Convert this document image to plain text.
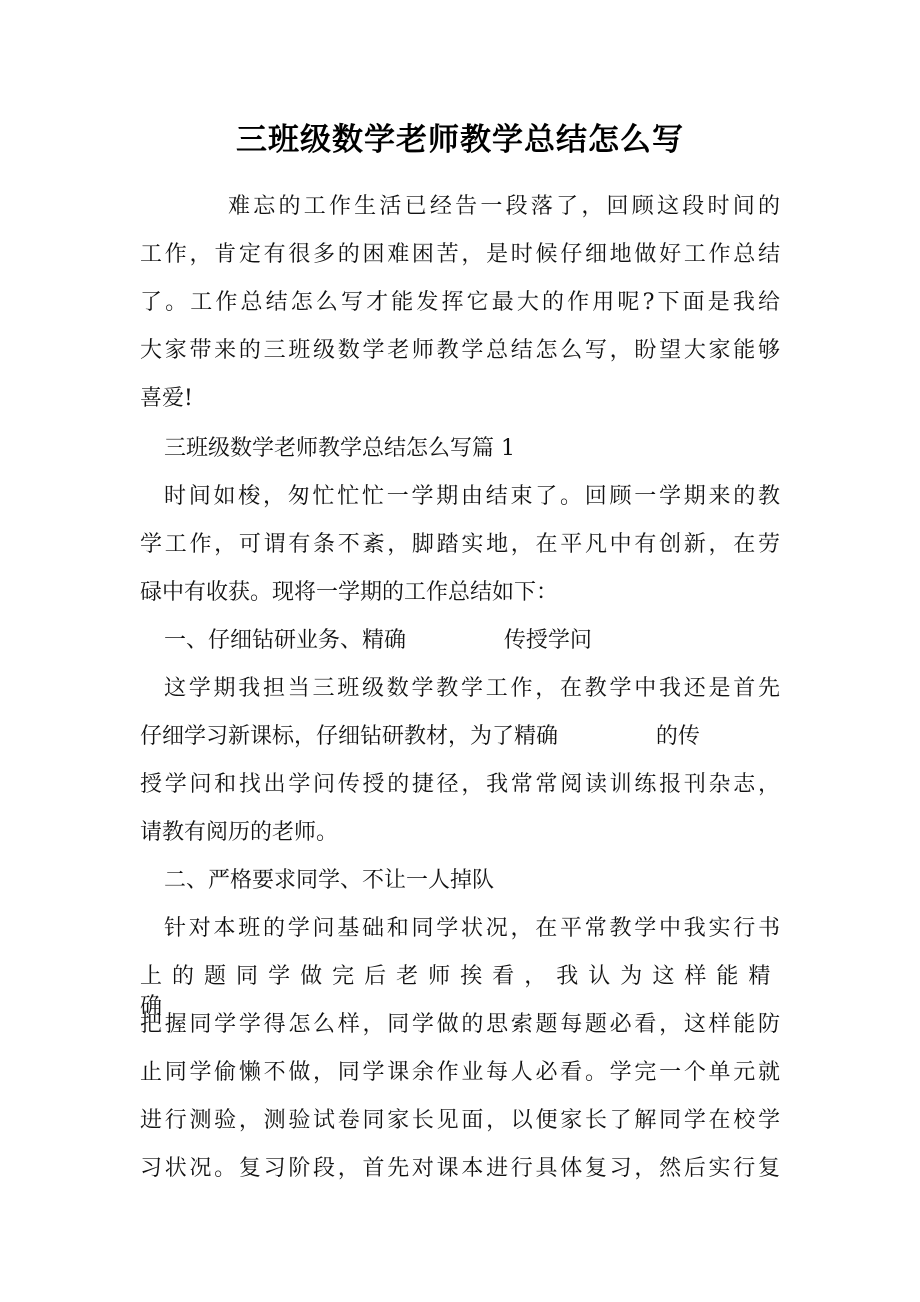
三班级数学老师教学总结怎么写
难忘的工作生活已经告一段落了，回顾这段时间的
工作，肯定有很多的困难困苦，是时候仔细地做好工作总结
了。工作总结怎么写才能发挥它最大的作用呢?下面是我给
大家带来的三班级数学老师教学总结怎么写，盼望大家能够
喜爱!
三班级数学老师教学总结怎么写篇 1
时间如梭，匆忙忙忙一学期由结束了。回顾一学期来的教
学工作，可谓有条不紊，脚踏实地，在平凡中有创新，在劳
碌中有收获。现将一学期的工作总结如下：
一、仔细钻研业务、精确              传授学问
这学期我担当三班级数学教学工作，在教学中我还是首先
仔细学习新课标，仔细钻研教材，为了精确              的传
授学问和找出学问传授的捷径，我常常阅读训练报刊杂志，
请教有阅历的老师。
二、严格要求同学、不让一人掉队
针对本班的学问基础和同学状况，在平常教学中我实行书
上的题同学做完后老师挨看，我认为这样能精确
把握同学学得怎么样，同学做的思索题每题必看，这样能防
止同学偷懒不做，同学课余作业每人必看。学完一个单元就
进行测验，测验试卷同家长见面，以便家长了解同学在校学
习状况。复习阶段，首先对课本进行具体复习，然后实行复
